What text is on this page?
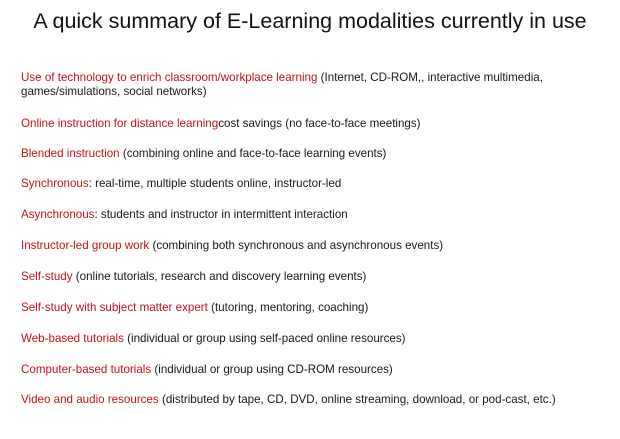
A quick summary of E-Learning modalities currently in use
Use of technology to enrich classroom/workplace learning (Internet, CD-ROM,, interactive multimedia, games/simulations, social networks)
Online instruction for distance learningcost savings (no face-to-face meetings)
Blended instruction (combining online and face-to-face learning events)
Synchronous: real-time, multiple students online, instructor-led
Asynchronous: students and instructor in intermittent interaction
Instructor-led group work (combining both synchronous and asynchronous events)
Self-study (online tutorials, research and discovery learning events)
Self-study with subject matter expert (tutoring, mentoring, coaching)
Web-based tutorials (individual or group using self-paced online resources)
Computer-based tutorials (individual or group using CD-ROM resources)
Video and audio resources (distributed by tape, CD, DVD, online streaming, download, or pod-cast, etc.)
